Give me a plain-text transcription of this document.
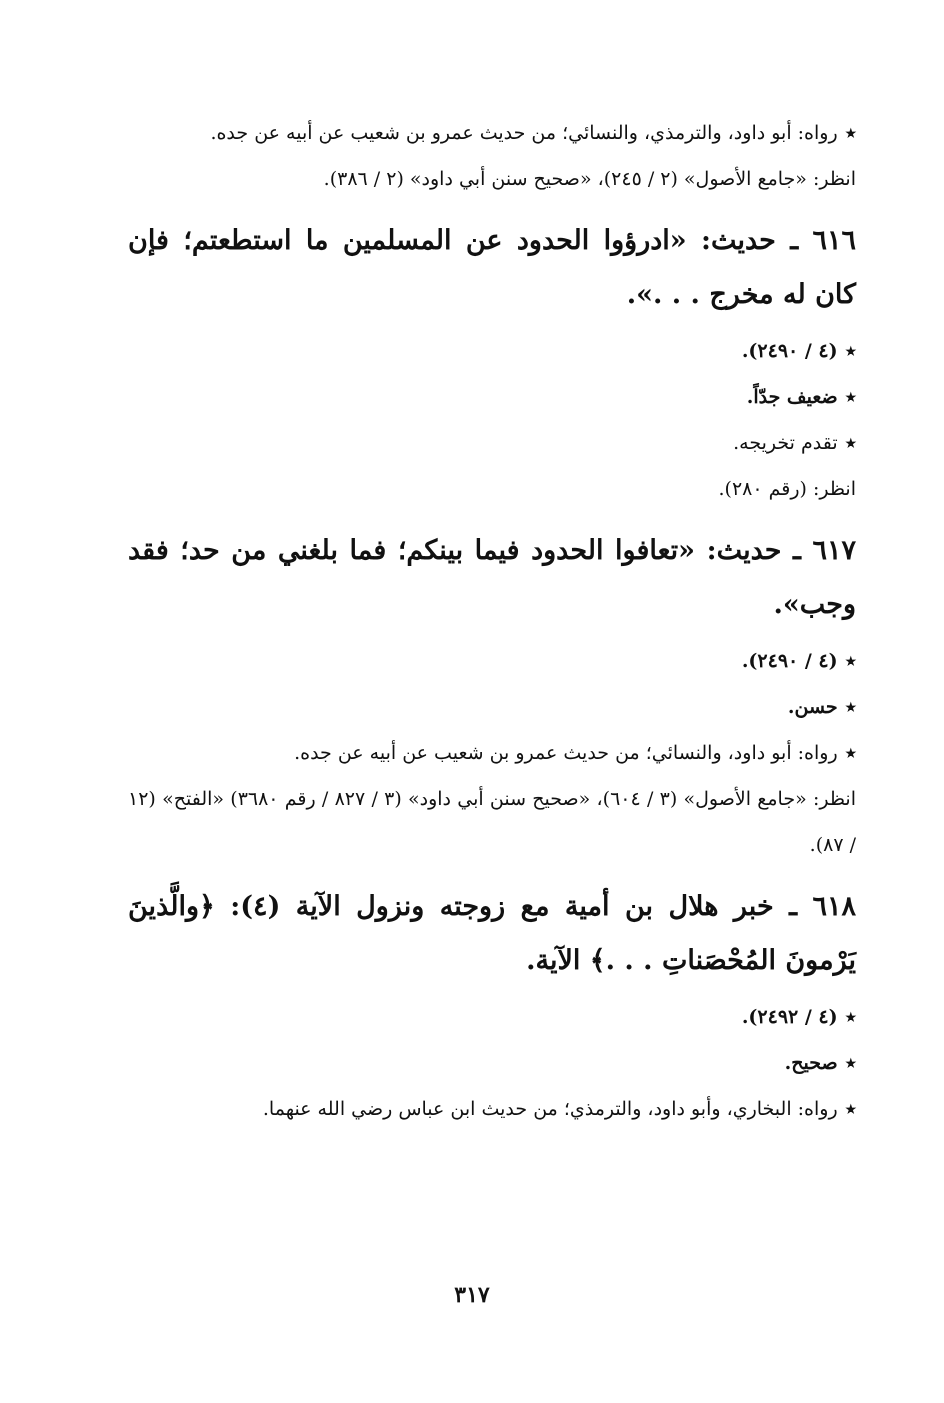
٭رواه: أبو داود، والترمذي، والنسائي؛ من حديث عمرو بن شعيب عن أبيه عن جده.

انظر: «جامع الأصول» (٢ / ٢٤٥)، «صحيح سنن أبي داود» (٢ / ٣٨٦).

٦١٦ ـ حديث: «ادرؤوا الحدود عن المسلمين ما استطعتم؛ فإن كان له مخرج . . .».

٭(٤ / ٢٤٩٠).

٭ضعيف جدّاً.

٭تقدم تخريجه.

انظر: (رقم ٢٨٠).

٦١٧ ـ حديث: «تعافوا الحدود فيما بينكم؛ فما بلغني من حد؛ فقد وجب».

٭(٤ / ٢٤٩٠).

٭حسن.

٭رواه: أبو داود، والنسائي؛ من حديث عمرو بن شعيب عن أبيه عن جده.

انظر: «جامع الأصول» (٣ / ٦٠٤)، «صحيح سنن أبي داود» (٣ / ٨٢٧ / رقم ٣٦٨٠) «الفتح» (١٢ / ٨٧).

٦١٨ ـ خبر هلال بن أمية مع زوجته ونزول الآية (٤): ﴿والَّذينَ يَرْمونَ المُحْصَناتِ . . .﴾ الآية.

٭(٤ / ٢٤٩٢).

٭صحيح.

٭رواه: البخاري، وأبو داود، والترمذي؛ من حديث ابن عباس رضي الله عنهما.

٣١٧
